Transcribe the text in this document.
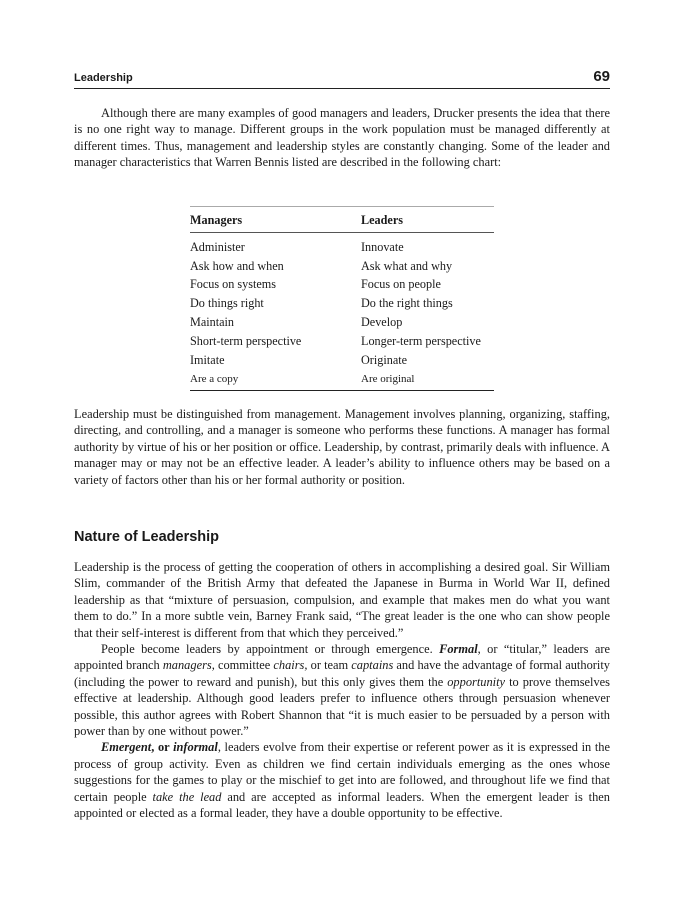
Leadership	69

Although there are many examples of good managers and leaders, Drucker presents the idea that there is no one right way to manage. Different groups in the work population must be managed differently at different times. Thus, management and leadership styles are constantly changing. Some of the leader and manager characteristics that Warren Bennis listed are described in the following chart:

Managers	Leaders
Administer	Innovate
Ask how and when	Ask what and why
Focus on systems	Focus on people
Do things right	Do the right things
Maintain	Develop
Short-term perspective	Longer-term perspective
Imitate	Originate
Are a copy	Are original

Leadership must be distinguished from management. Management involves planning, organizing, staffing, directing, and controlling, and a manager is someone who performs these functions. A manager has formal authority by virtue of his or her position or office. Leadership, by contrast, primarily deals with influence. A manager may or may not be an effective leader. A leader’s ability to influence others may be based on a variety of factors other than his or her formal authority or position.

Nature of Leadership

Leadership is the process of getting the cooperation of others in accomplishing a desired goal. Sir William Slim, commander of the British Army that defeated the Japanese in Burma in World War II, defined leadership as that “mixture of persuasion, compulsion, and example that makes men do what you want them to do.” In a more subtle vein, Barney Frank said, “The great leader is the one who can show people that their self-interest is different from that which they perceived.”

People become leaders by appointment or through emergence. Formal, or “titular,” leaders are appointed branch managers, committee chairs, or team captains and have the advantage of formal authority (including the power to reward and punish), but this only gives them the opportunity to prove themselves effective at leadership. Although good leaders prefer to influence others through persuasion whenever possible, this author agrees with Robert Shannon that “it is much easier to be persuaded by a person with power than by one without power.”

Emergent, or informal, leaders evolve from their expertise or referent power as it is expressed in the process of group activity. Even as children we find certain individuals emerging as the ones whose suggestions for the games to play or the mischief to get into are followed, and throughout life we find that certain people take the lead and are accepted as informal leaders. When the emergent leader is then appointed or elected as a formal leader, they have a double opportunity to be effective.
